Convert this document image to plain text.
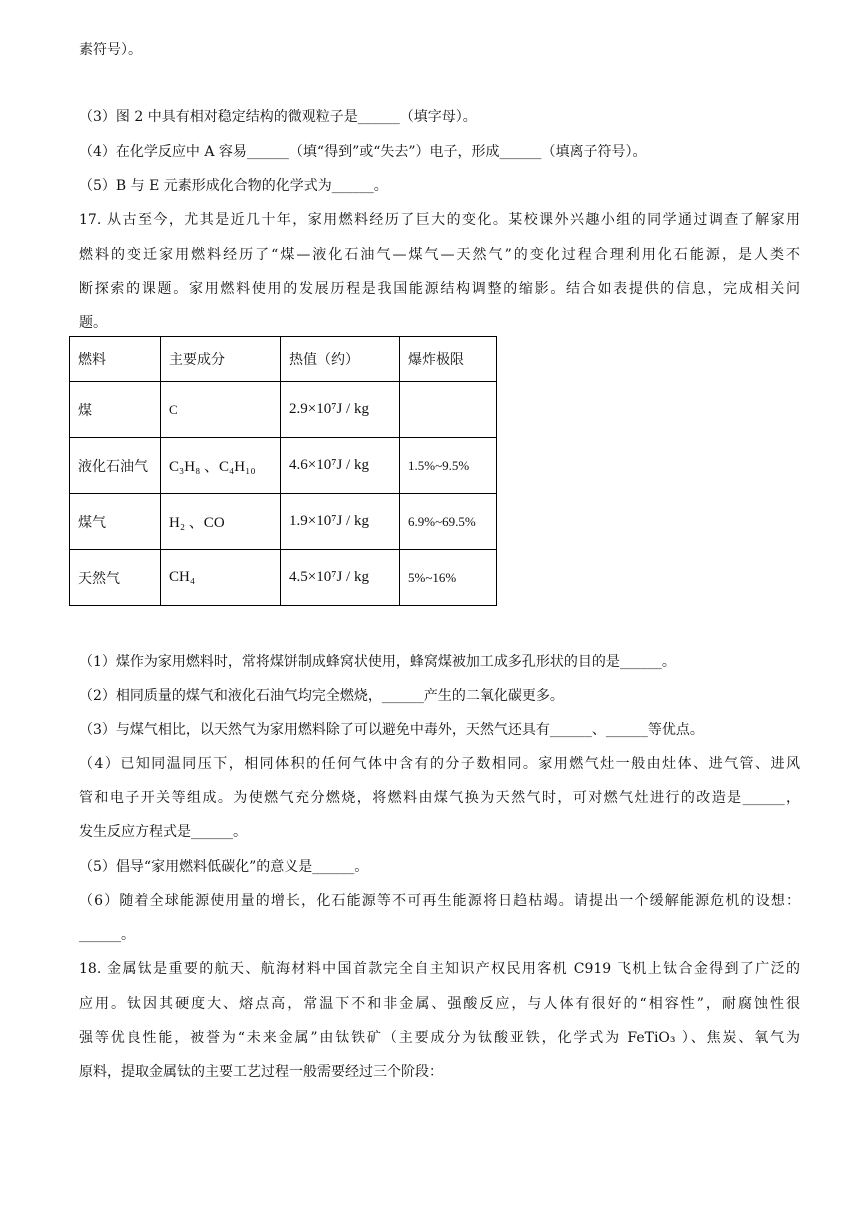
素符号）。
（3）图 2 中具有相对稳定结构的微观粒子是______（填字母）。
（4）在化学反应中 A 容易______（填“得到”或“失去”）电子，形成______（填离子符号）。
（5）B 与 E 元素形成化合物的化学式为______。
17. 从古至今，尤其是近几十年，家用燃料经历了巨大的变化。某校课外兴趣小组的同学通过调查了解家用
燃料的变迁家用燃料经历了“煤—液化石油气—煤气—天然气”的变化过程合理利用化石能源，是人类不
断探索的课题。家用燃料使用的发展历程是我国能源结构调整的缩影。结合如表提供的信息，完成相关问
题。
燃料	主要成分	热值（约）	爆炸极限
煤	C	2.9×10⁷J / kg	
液化石油气	C₃H₈ 、C₄H₁₀	4.6×10⁷J / kg	1.5%~9.5%
煤气	H₂ 、CO	1.9×10⁷J / kg	6.9%~69.5%
天然气	CH₄	4.5×10⁷J / kg	5%~16%
（1）煤作为家用燃料时，常将煤饼制成蜂窝状使用，蜂窝煤被加工成多孔形状的目的是______。
（2）相同质量的煤气和液化石油气均完全燃烧，______产生的二氧化碳更多。
（3）与煤气相比，以天然气为家用燃料除了可以避免中毒外，天然气还具有______、______等优点。
（4）已知同温同压下，相同体积的任何气体中含有的分子数相同。家用燃气灶一般由灶体、进气管、进风
管和电子开关等组成。为使燃气充分燃烧，将燃料由煤气换为天然气时，可对燃气灶进行的改造是______，
发生反应方程式是______。
（5）倡导“家用燃料低碳化”的意义是______。
（6）随着全球能源使用量的增长，化石能源等不可再生能源将日趋枯竭。请提出一个缓解能源危机的设想：
______。
18. 金属钛是重要的航天、航海材料中国首款完全自主知识产权民用客机 C919 飞机上钛合金得到了广泛的
应用。钛因其硬度大、熔点高，常温下不和非金属、强酸反应，与人体有很好的“相容性”，耐腐蚀性很
强等优良性能，被誉为“未来金属”由钛铁矿（主要成分为钛酸亚铁，化学式为 FeTiO₃ ）、焦炭、氧气为
原料，提取金属钛的主要工艺过程一般需要经过三个阶段：
